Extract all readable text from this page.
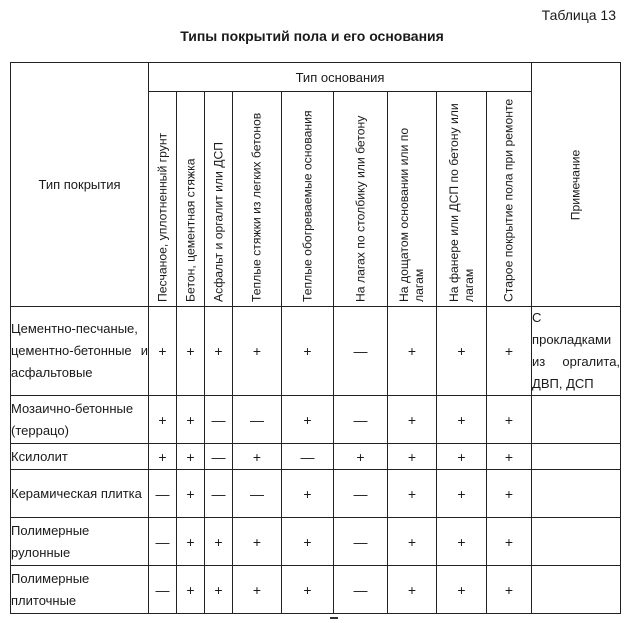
Таблица 13
Типы покрытий пола и его основания
Тип покрытия	Тип основания									Примечание

	Песчаное, уплотненный грунт	Бетон, цементная стяжка	Асфальт и оргалит или ДСП	Теплые стяжки из легких бетонов	Теплые обогреваемые основания	На лагах по столбику или бетону	На дощатом основании или по лагам	На фанере или ДСП по бетону или лагам	Старое покрытие пола при ремонте	

Цементно-песчаные, цементно-бетонные и асфальтовые	+	+	+	+	+	—	+	+	+	С прокладками из оргалита, ДВП, ДСП
Мозаично-бетонные (террацо)	+	+	—	—	+	—	+	+	+	
Ксилолит	+	+	—	+	—	+	+	+	+	
Керамическая плитка	—	+	—	—	+	—	+	+	+	
Полимерные рулонные	—	+	+	+	+	—	+	+	+	
Полимерные плиточные	—	+	+	+	+	—	+	+	+	
